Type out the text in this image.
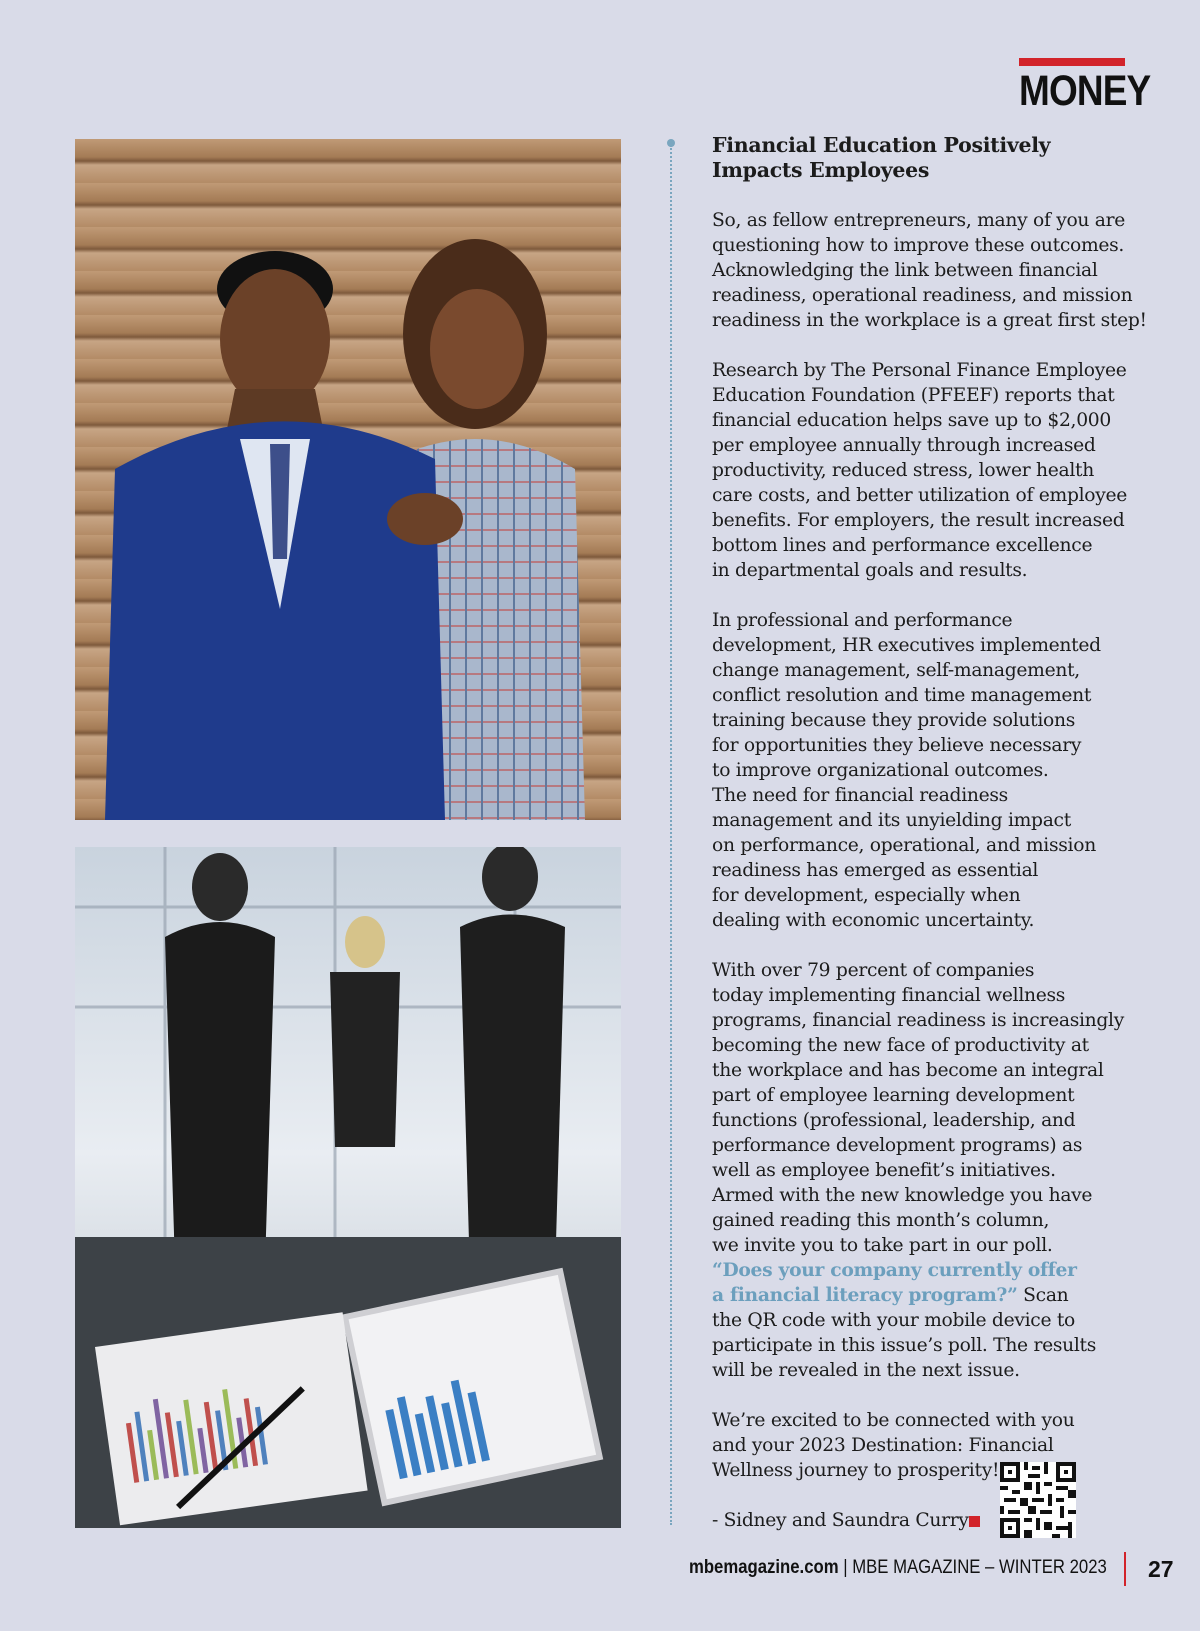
MONEY
Financial Education Positively
Impacts Employees

So, as fellow entrepreneurs, many of you are
questioning how to improve these outcomes.
Acknowledging the link between financial
readiness, operational readiness, and mission
readiness in the workplace is a great first step!

Research by The Personal Finance Employee
Education Foundation (PFEEF) reports that
financial education helps save up to $2,000
per employee annually through increased
productivity, reduced stress, lower health
care costs, and better utilization of employee
benefits. For employers, the result increased
bottom lines and performance excellence
in departmental goals and results.

In professional and performance
development, HR executives implemented
change management, self-management,
conflict resolution and time management
training because they provide solutions
for opportunities they believe necessary
to improve organizational outcomes.
The need for financial readiness
management and its unyielding impact
on performance, operational, and mission
readiness has emerged as essential
for development, especially when
dealing with economic uncertainty.

With over 79 percent of companies
today implementing financial wellness
programs, financial readiness is increasingly
becoming the new face of productivity at
the workplace and has become an integral
part of employee learning development
functions (professional, leadership, and
performance development programs) as
well as employee benefit’s initiatives.
Armed with the new knowledge you have
gained reading this month’s column,
we invite you to take part in our poll.
“Does your company currently offer
a financial literacy program?” Scan
the QR code with your mobile device to
participate in this issue’s poll. The results
will be revealed in the next issue.

We’re excited to be connected with you
and your 2023 Destination: Financial
Wellness journey to prosperity!
- Sidney and Saundra Curry

mbemagazine.com | MBE MAGAZINE – WINTER 2023 27
